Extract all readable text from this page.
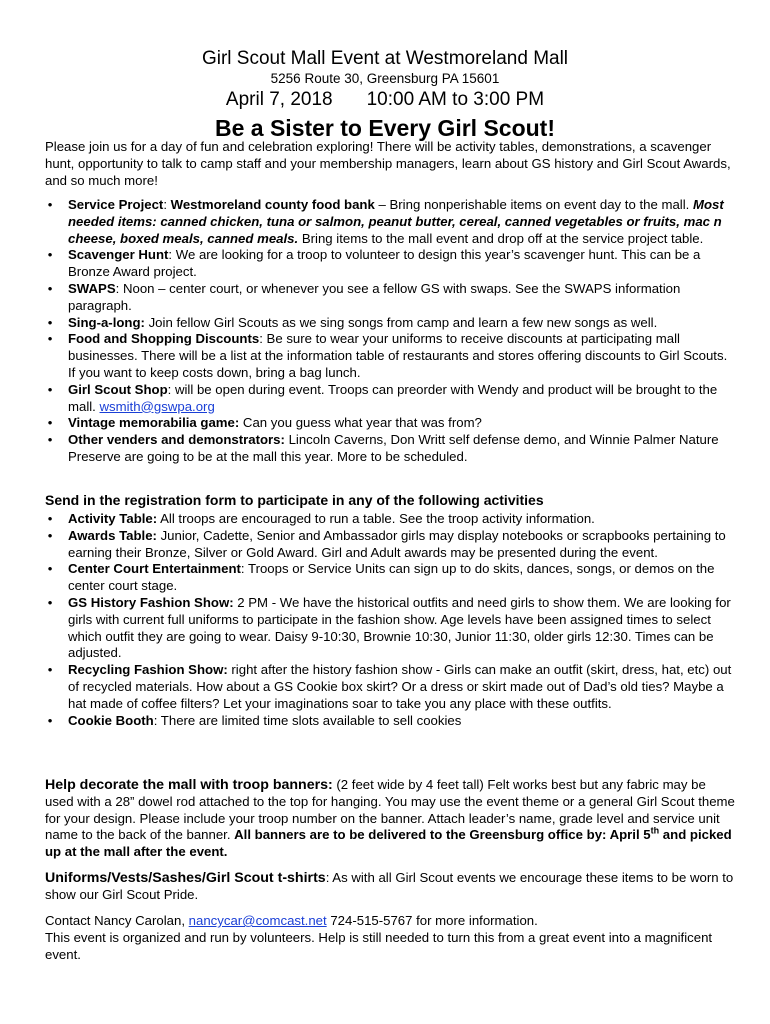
Girl Scout Mall Event at Westmoreland Mall
5256 Route 30, Greensburg PA 15601
April 7, 2018 10:00 AM to 3:00 PM
Be a Sister to Every Girl Scout!
Please join us for a day of fun and celebration exploring! There will be activity tables, demonstrations, a scavenger hunt, opportunity to talk to camp staff and your membership managers, learn about GS history and Girl Scout Awards, and so much more!
• Service Project: Westmoreland county food bank – Bring nonperishable items on event day to the mall. Most needed items: canned chicken, tuna or salmon, peanut butter, cereal, canned vegetables or fruits, mac n cheese, boxed meals, canned meals. Bring items to the mall event and drop off at the service project table.
• Scavenger Hunt: We are looking for a troop to volunteer to design this year’s scavenger hunt. This can be a Bronze Award project.
• SWAPS: Noon – center court, or whenever you see a fellow GS with swaps. See the SWAPS information paragraph.
• Sing-a-long: Join fellow Girl Scouts as we sing songs from camp and learn a few new songs as well.
• Food and Shopping Discounts: Be sure to wear your uniforms to receive discounts at participating mall businesses. There will be a list at the information table of restaurants and stores offering discounts to Girl Scouts. If you want to keep costs down, bring a bag lunch.
• Girl Scout Shop: will be open during event. Troops can preorder with Wendy and product will be brought to the mall. wsmith@gswpa.org
• Vintage memorabilia game: Can you guess what year that was from?
• Other venders and demonstrators: Lincoln Caverns, Don Writt self defense demo, and Winnie Palmer Nature Preserve are going to be at the mall this year. More to be scheduled.
Send in the registration form to participate in any of the following activities
• Activity Table: All troops are encouraged to run a table. See the troop activity information.
• Awards Table: Junior, Cadette, Senior and Ambassador girls may display notebooks or scrapbooks pertaining to earning their Bronze, Silver or Gold Award. Girl and Adult awards may be presented during the event.
• Center Court Entertainment: Troops or Service Units can sign up to do skits, dances, songs, or demos on the center court stage.
• GS History Fashion Show: 2 PM - We have the historical outfits and need girls to show them. We are looking for girls with current full uniforms to participate in the fashion show. Age levels have been assigned times to select which outfit they are going to wear. Daisy 9-10:30, Brownie 10:30, Junior 11:30, older girls 12:30. Times can be adjusted.
• Recycling Fashion Show: right after the history fashion show - Girls can make an outfit (skirt, dress, hat, etc) out of recycled materials. How about a GS Cookie box skirt? Or a dress or skirt made out of Dad’s old ties? Maybe a hat made of coffee filters? Let your imaginations soar to take you any place with these outfits.
• Cookie Booth: There are limited time slots available to sell cookies
Help decorate the mall with troop banners: (2 feet wide by 4 feet tall) Felt works best but any fabric may be used with a 28” dowel rod attached to the top for hanging. You may use the event theme or a general Girl Scout theme for your design. Please include your troop number on the banner. Attach leader’s name, grade level and service unit name to the back of the banner. All banners are to be delivered to the Greensburg office by: April 5th and picked up at the mall after the event.
Uniforms/Vests/Sashes/Girl Scout t-shirts: As with all Girl Scout events we encourage these items to be worn to show our Girl Scout Pride.
Contact Nancy Carolan, nancycar@comcast.net 724-515-5767 for more information.
This event is organized and run by volunteers. Help is still needed to turn this from a great event into a magnificent event.
